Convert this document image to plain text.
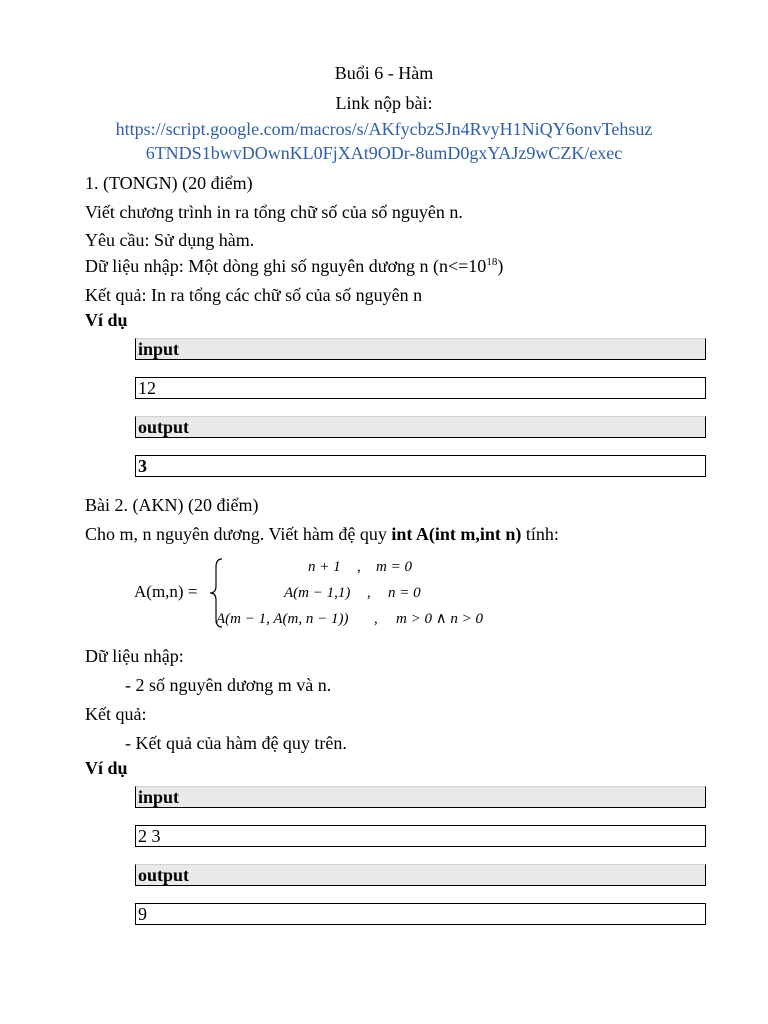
Buổi 6 - Hàm
Link nộp bài:
https://script.google.com/macros/s/AKfycbzSJn4RvyH1NiQY6onvTehsuz
6TNDS1bwvDOwnKL0FjXAt9ODr-8umD0gxYAJz9wCZK/exec
1. (TONGN) (20 điểm)
Viết chương trình in ra tổng chữ số của số nguyên n.
Yêu cầu: Sử dụng hàm.
Dữ liệu nhập: Một dòng ghi số nguyên dương n $(n<=10^{18})$
Kết quả: In ra tổng các chữ số của số nguyên n
Ví dụ
input
12
output
3
Bài 2. (AKN) (20 điểm)
Cho m, n nguyên dương. Viết hàm đệ quy int A(int m,int n) tính:
A(m,n) =
n + 1 , m = 0
A(m − 1,1) , n = 0
A(m − 1, A(m, n − 1)) , m > 0 ∧ n > 0
Dữ liệu nhập:
- 2 số nguyên dương m và n.
Kết quả:
- Kết quả của hàm đệ quy trên.
Ví dụ
input
2 3
output
9
